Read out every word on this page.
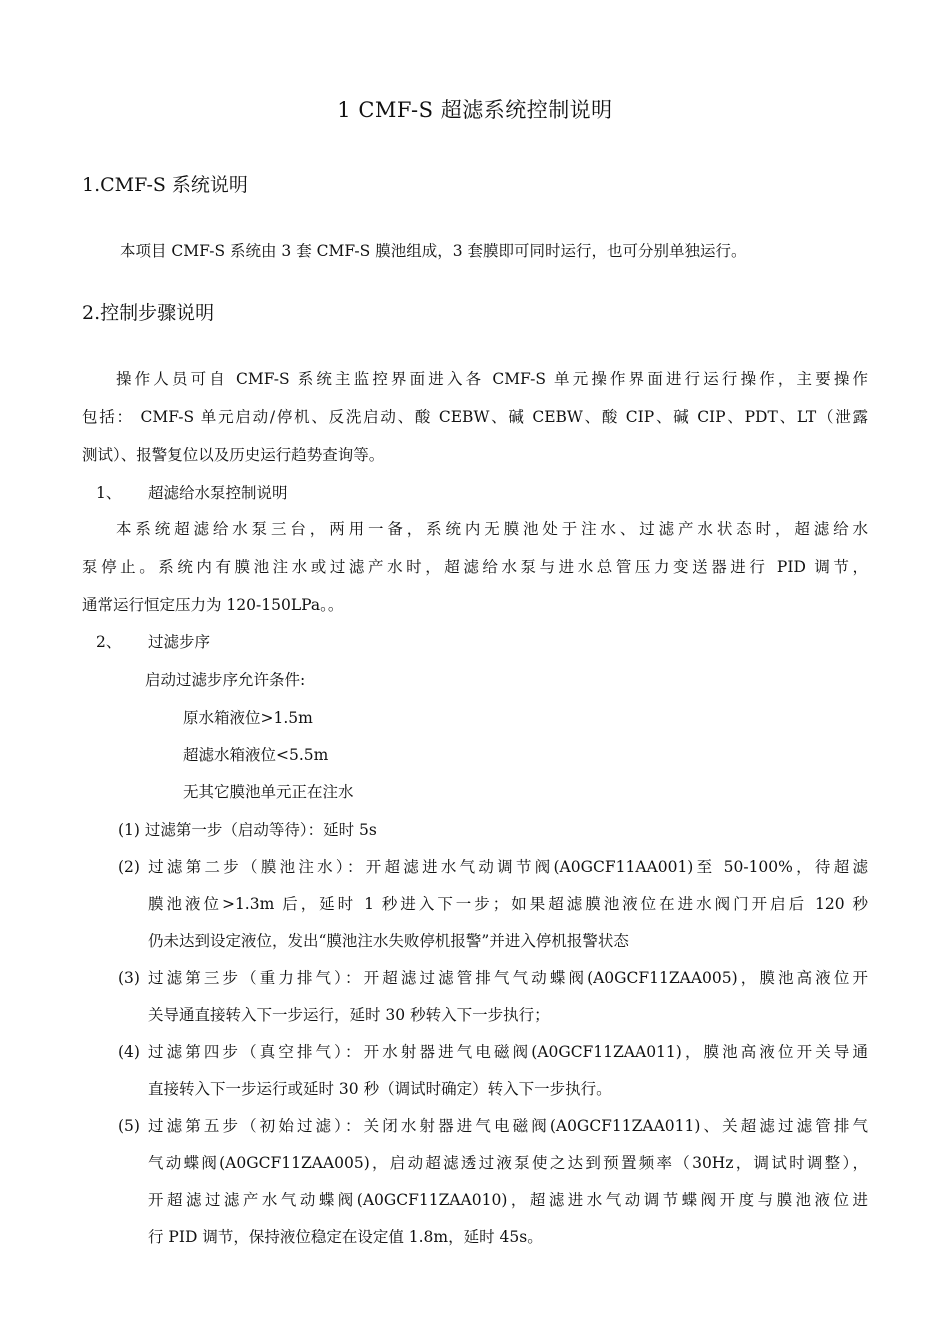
1 CMF-S 超滤系统控制说明
1.CMF-S 系统说明
本项目 CMF-S 系统由 3 套 CMF-S 膜池组成，3 套膜即可同时运行，也可分别单独运行。
2.控制步骤说明
操作人员可自 CMF-S 系统主监控界面进入各 CMF-S 单元操作界面进行运行操作，主要操作
包括： CMF-S 单元启动/停机、反洗启动、酸 CEBW、碱 CEBW、酸 CIP、碱 CIP、PDT、LT（泄露
测试）、报警复位以及历史运行趋势查询等。
1、 超滤给水泵控制说明
本系统超滤给水泵三台，两用一备，系统内无膜池处于注水、过滤产水状态时，超滤给水
泵停止。系统内有膜池注水或过滤产水时，超滤给水泵与进水总管压力变送器进行 PID 调节，
通常运行恒定压力为 120-150LPa。。
2、 过滤步序
启动过滤步序允许条件:
原水箱液位>1.5m
超滤水箱液位<5.5m
无其它膜池单元正在注水
(1) 过滤第一步（启动等待）：延时 5s
(2) 过滤第二步（膜池注水）：开超滤进水气动调节阀(A0GCF11AA001)至 50-100%，待超滤
膜池液位>1.3m 后，延时 1 秒进入下一步；如果超滤膜池液位在进水阀门开启后 120 秒
仍未达到设定液位，发出“膜池注水失败停机报警”并进入停机报警状态
(3) 过滤第三步（重力排气）：开超滤过滤管排气气动蝶阀(A0GCF11ZAA005)，膜池高液位开
关导通直接转入下一步运行，延时 30 秒转入下一步执行；
(4) 过滤第四步（真空排气）：开水射器进气电磁阀(A0GCF11ZAA011)，膜池高液位开关导通
直接转入下一步运行或延时 30 秒（调试时确定）转入下一步执行。
(5) 过滤第五步（初始过滤）：关闭水射器进气电磁阀(A0GCF11ZAA011)、关超滤过滤管排气
气动蝶阀(A0GCF11ZAA005)，启动超滤透过液泵使之达到预置频率（30Hz，调试时调整），
开超滤过滤产水气动蝶阀(A0GCF11ZAA010)，超滤进水气动调节蝶阀开度与膜池液位进
行 PID 调节，保持液位稳定在设定值 1.8m，延时 45s。
